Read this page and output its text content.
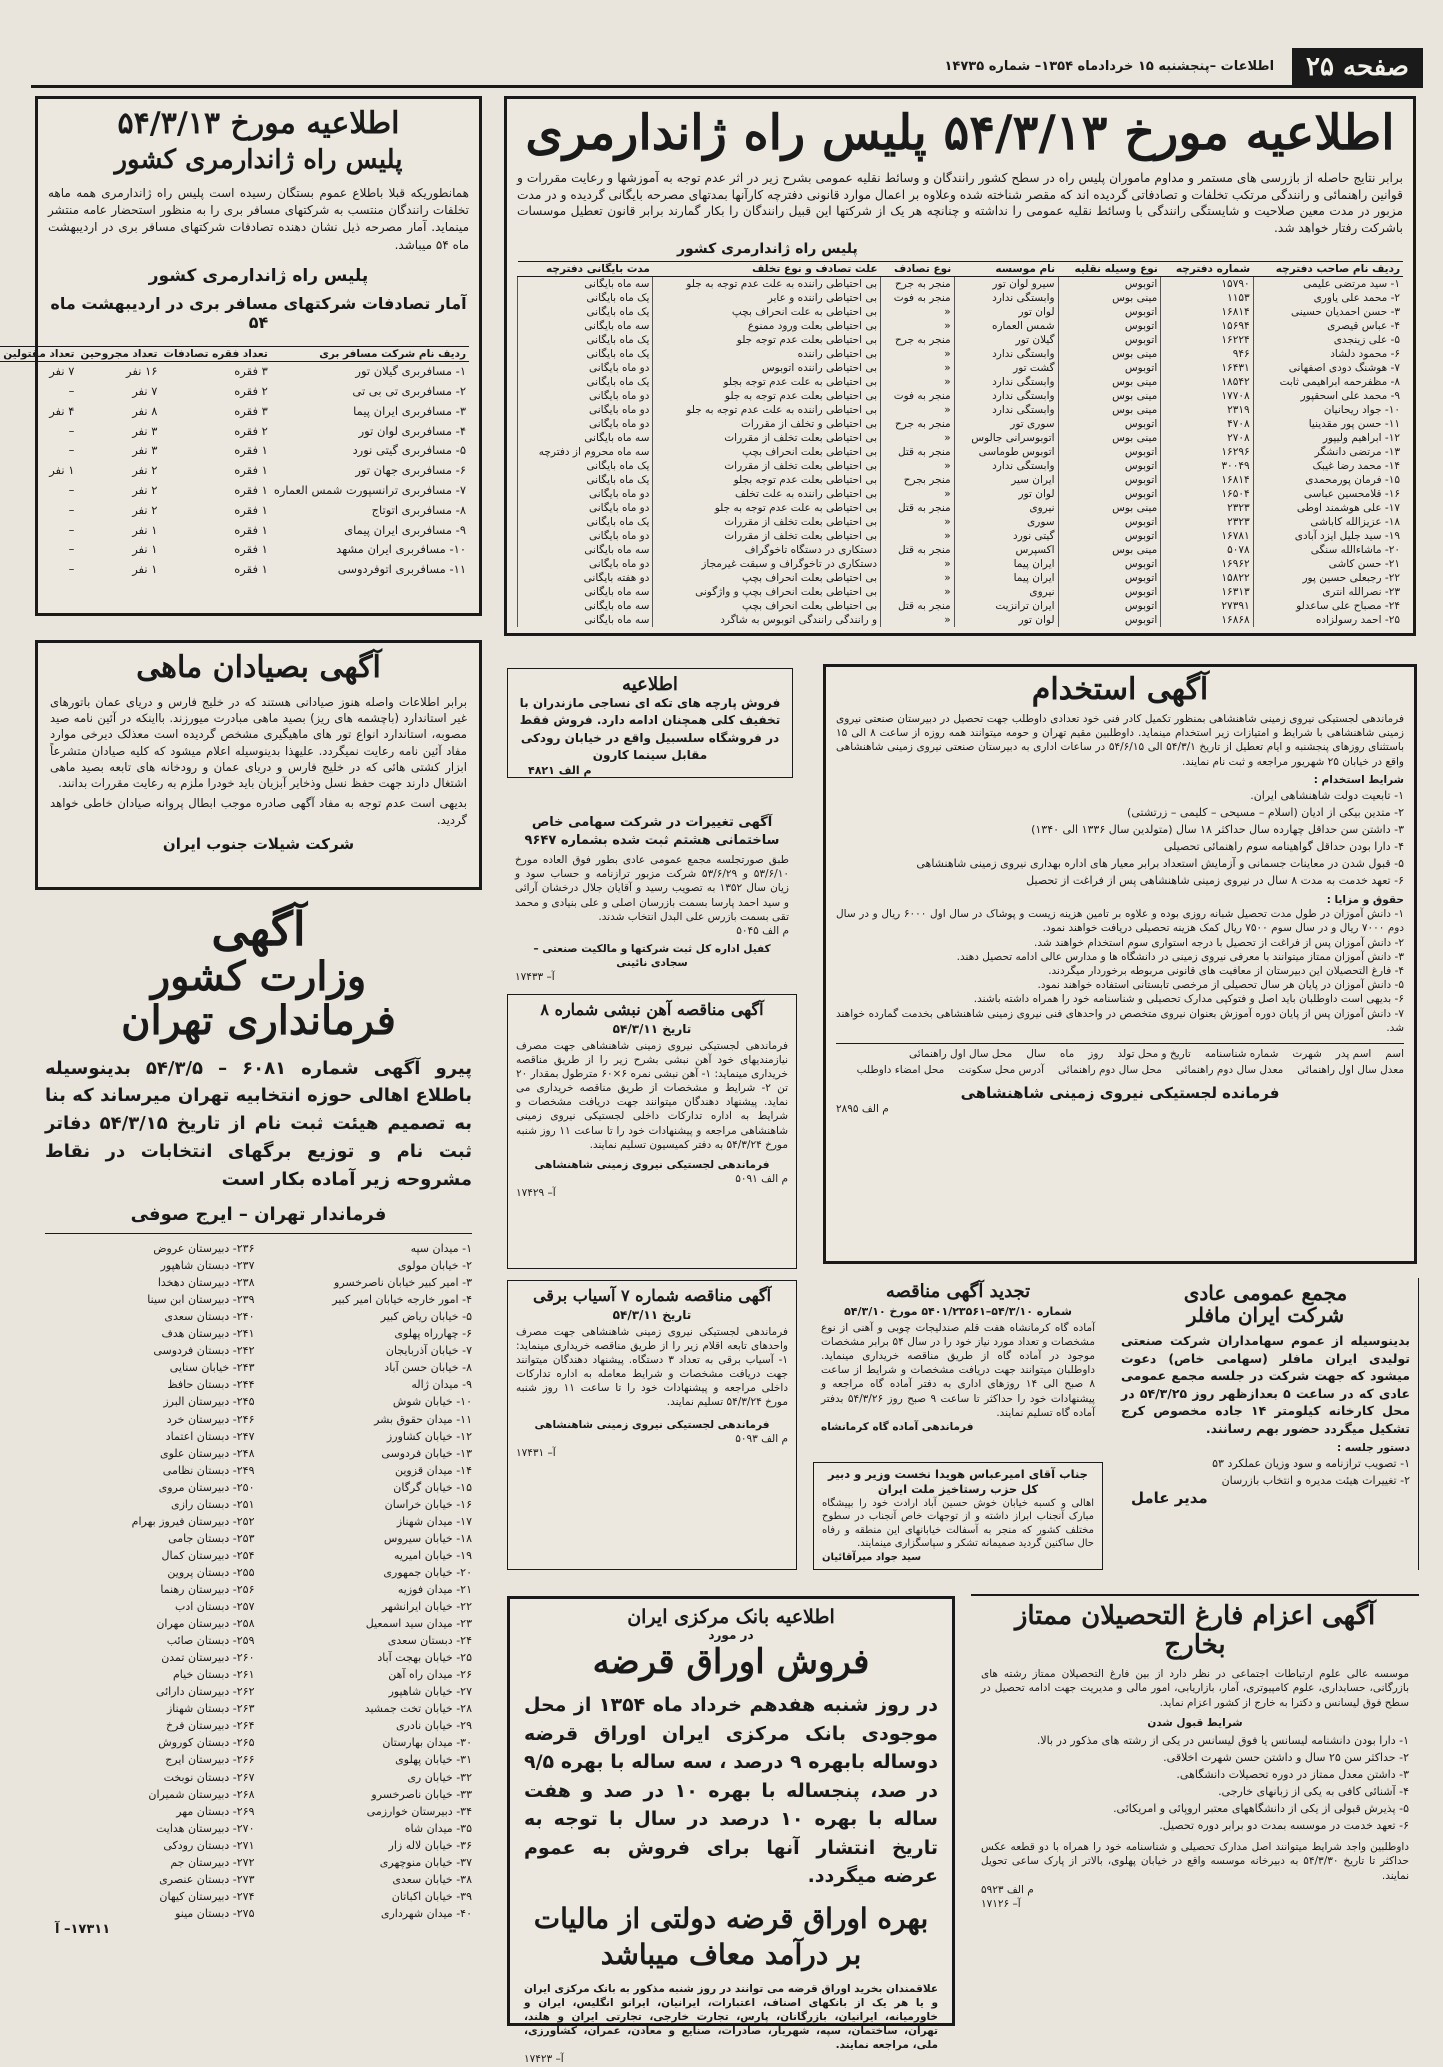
صفحه ۲۵
اطلاعات –پنجشنبه ۱۵ خردادماه ۱۳۵۴– شماره ۱۴۷۳۵
اطلاعیه مورخ ۵۴/۳/۱۳ پلیس راه ژاندارمری
برابر نتایج حاصله از بازرسی های مستمر و مداوم ماموران پلیس راه در سطح کشور رانندگان و وسائط نقلیه عمومی بشرح زیر در اثر عدم توجه به آموزشها و رعایت مقررات و قوانین راهنمائی و رانندگی مرتکب تخلفات و تصادفاتی گردیده اند که مقصر شناخته شده وعلاوه بر اعمال موارد قانونی دفترچه کارآنها بمدتهای مصرحه بایگانی گردیده و در مدت مزبور در مدت معین صلاحیت و شایستگی رانندگی با وسائط نقلیه عمومی را نداشته و چنانچه هر یک از شرکتها این قبیل رانندگان را بکار گمارند برابر قانون تعطیل موسسات باشرکت رفتار خواهد شد.
پلیس راه ژاندارمری کشور
ردیف نام صاحب دفترچه	شماره دفترچه	نوع وسیله نقلیه	نام موسسه	نوع تصادف	علت تصادف و نوع تخلف	مدت بایگانی دفترچه
۱- سید مرتضی علیمی	۱۵۷۹۰	اتوبوس	سیرو لوان تور	منجر به جرح	بی احتیاطی راننده به علت عدم توجه به جلو	سه ماه بایگانی
۲- محمد علی یاوری	۱۱۵۳	مینی بوس	وابستگی ندارد	منجر به فوت	بی احتیاطی راننده و عابر	یک ماه بایگانی
۳- حسن احمدیان حسینی	۱۶۸۱۴	اتوبوس	لوان تور	«	بی احتیاطی به علت انحراف بچپ	یک ماه بایگانی
۴- عباس قیصری	۱۵۶۹۴	اتوبوس	شمس العماره	«	بی احتیاطی بعلت ورود ممنوع	سه ماه بایگانی
۵- علی زینجدی	۱۶۲۲۴	اتوبوس	گیلان تور	منجر به جرح	بی احتیاطی بعلت عدم توجه جلو	یک ماه بایگانی
۶- محمود دلشاد	۹۴۶	مینی بوس	وابستگی ندارد	«	بی احتیاطی راننده	یک ماه بایگانی
۷- هوشنگ دودی اصفهانی	۱۶۴۳۱	اتوبوس	گشت تور	«	بی احتیاطی راننده اتوبوس	دو ماه بایگانی
۸- مظفرحمه ابراهیمی ثابت	۱۸۵۴۲	مینی بوس	وابستگی ندارد	«	بی احتیاطی به علت عدم توجه بجلو	یک ماه بایگانی
۹- محمد علی اسحقپور	۱۷۷۰۸	مینی بوس	وابستگی ندارد	منجر به فوت	بی احتیاطی بعلت عدم توجه به جلو	دو ماه بایگانی
۱۰- جواد ریحانیان	۲۳۱۹	مینی بوس	وابستگی ندارد	«	بی احتیاطی راننده به علت عدم توجه به جلو	دو ماه بایگانی
۱۱- حسن پور مقدینیا	۴۷۰۸	اتوبوس	سوری تور	منجر به جرح	بی احتیاطی و تخلف از مقررات	دو ماه بایگانی
۱۲- ابراهیم ولیپور	۲۷۰۸	مینی بوس	اتوبوسرانی جالوس	«	بی احتیاطی بعلت تخلف از مقررات	سه ماه بایگانی
۱۳- مرتضی دانشگر	۱۶۲۹۶	اتوبوس	اتوبوس طوماسی	منجر به قتل	بی احتیاطی بعلت انحراف بچپ	سه ماه محروم از دفترچه
۱۴- محمد رضا غیبک	۳۰۰۴۹	اتوبوس	وابستگی ندارد	«	بی احتیاطی بعلت تخلف از مقررات	یک ماه بایگانی
۱۵- فرمان پورمحمدی	۱۶۸۱۴	اتوبوس	ایران سیر	منجر بجرح	بی احتیاطی بعلت عدم توجه بجلو	یک ماه بایگانی
۱۶- قلامحسین عباسی	۱۶۵۰۴	اتوبوس	لوان تور	«	بی احتیاطی راننده به علت تخلف	دو ماه بایگانی
۱۷- علی هوشمند اوطی	۲۳۲۳	مینی بوس	نیروی	منجر به قتل	بی احتیاطی به علت عدم توجه به جلو	دو ماه بایگانی
۱۸- عزیزالله کاباشی	۲۳۲۳	اتوبوس	سوری	«	بی احتیاطی بعلت تخلف از مقررات	یک ماه بایگانی
۱۹- سید جلیل ایزد آبادی	۱۶۷۸۱	اتوبوس	گیتی نورد	«	بی احتیاطی بعلت تخلف از مقررات	دو ماه بایگانی
۲۰- ماشاءالله سنگی	۵۰۷۸	مینی بوس	اکسپرس	منجر به قتل	دستکاری در دستگاه تاخوگراف	سه ماه بایگانی
۲۱- حسن کاشی	۱۶۹۶۲	اتوبوس	ایران پیما	«	دستکاری در تاخوگراف و سبقت غیرمجاز	دو ماه بایگانی
۲۲- رجبعلی حسین پور	۱۵۸۲۲	اتوبوس	ایران پیما	«	بی احتیاطی بعلت انحراف بچپ	دو هفته بایگانی
۲۳- نصرالله انتری	۱۶۳۱۳	اتوبوس	نیروی	«	بی احتیاطی بعلت انحراف بچپ و واژگونی	سه ماه بایگانی
۲۴- مصباح علی ساعدلو	۲۷۳۹۱	اتوبوس	ایران ترانزیت	منجر به قتل	بی احتیاطی بعلت انحراف بچپ	سه ماه بایگانی
۲۵- احمد رسولزاده	۱۶۸۶۸	اتوبوس	لوان تور	«	و رانندگی رانندگی اتوبوس به شاگرد	سه ماه بایگانی
اطلاعیه مورخ ۵۴/۳/۱۳
پلیس راه ژاندارمری کشور
همانطوریکه قبلا باطلاع عموم بستگان رسیده است پلیس راه ژاندارمری همه ماهه تخلفات رانندگان منتسب به شرکتهای مسافر بری را به منظور استحضار عامه منتشر مینماید. آمار مصرحه ذیل نشان دهنده تصادفات شرکتهای مسافر بری در اردیبهشت ماه ۵۴ میباشد.
پلیس راه ژاندارمری کشور
آمار تصادفات شرکتهای مسافر بری در اردیبهشت ماه ۵۴
ردیف نام شرکت مسافر بری	تعداد فقره تصادفات	تعداد مجروحین	تعداد مقتولین
۱- مسافربری گیلان تور	۳ فقره	۱۶ نفر	۷ نفر
۲- مسافربری تی بی تی	۲ فقره	۷ نفر	–
۳- مسافربری ایران پیما	۳ فقره	۸ نفر	۴ نفر
۴- مسافربری لوان تور	۲ فقره	۳ نفر	–
۵- مسافربری گیتی نورد	۱ فقره	۳ نفر	–
۶- مسافربری جهان تور	۱ فقره	۲ نفر	۱ نفر
۷- مسافربری ترانسپورت شمس العماره	۱ فقره	۲ نفر	–
۸- مسافربری اتوتاج	۱ فقره	۲ نفر	–
۹- مسافربری ایران پیمای	۱ فقره	۱ نفر	–
۱۰- مسافربری ایران مشهد	۱ فقره	۱ نفر	–
۱۱- مسافربری اتوفردوسی	۱ فقره	۱ نفر	–
آگهی بصیادان ماهی
برابر اطلاعات واصله هنوز صیادانی هستند که در خلیج فارس و دریای عمان باتورهای غیر استاندارد (باچشمه های ریز) بصید ماهی مبادرت میورزند. بااینکه در آئین نامه صید مصوبه، استاندارد انواع تور های ماهیگیری مشخص گردیده است معذلک دیرخی موارد مفاد آئین نامه رعایت نمیگردد. علیهذا بدینوسیله اعلام میشود که کلیه صیادان متشرعاً ابزار کشتی هائی که در خلیج فارس و دریای عمان و رودخانه های تابعه بصید ماهی اشتغال دارند جهت حفظ نسل وذخایر آبزیان باید خودرا ملزم به رعایت مقررات بدانند.
بدیهی است عدم توجه به مفاد آگهی صادره موجب ابطال پروانه صیادان خاطی خواهد گردید.
شرکت شیلات جنوب ایران
آگهی
وزارت کشور
فرمانداری تهران
پیرو آگهی شماره ۶۰۸۱ – ۵۴/۳/۵ بدینوسیله باطلاع اهالی حوزه انتخابیه تهران میرساند که بنا به تصمیم هیئت ثبت نام از تاریخ ۵۴/۳/۱۵ دفاتر ثبت نام و توزیع برگهای انتخابات در نقاط مشروحه زیر آماده بکار است
فرماندار تهران – ایرج صوفی
۱- میدان سپه
۲- خیابان مولوی
۳- امیر کبیر خیابان ناصرخسرو
۴- امور خارجه خیابان امیر کبیر
۵- خیابان ریاض کبیر
۶- چهارراه پهلوی
۷- خیابان آذربایجان
۸- خیابان حسن آباد
۹- میدان ژاله
۱۰- خیابان شوش
۱۱- میدان حقوق بشر
۱۲- خیابان کشاورز
۱۳- خیابان فردوسی
۱۴- میدان قزوین
۱۵- خیابان گرگان
۱۶- خیابان خراسان
۱۷- میدان شهناز
۱۸- خیابان سیروس
۱۹- خیابان امیریه
۲۰- خیابان جمهوری
۲۱- میدان فوزیه
۲۲- خیابان ایرانشهر
۲۳- میدان سید اسمعیل
۲۴- دبستان سعدی
۲۵- خیابان بهجت آباد
۲۶- میدان راه آهن
۲۷- خیابان شاهپور
۲۸- خیابان تخت جمشید
۲۹- خیابان نادری
۳۰- میدان بهارستان
۳۱- خیابان پهلوی
۳۲- خیابان ری
۳۳- خیابان ناصرخسرو
۳۴- دبیرستان خوارزمی
۳۵- میدان شاه
۳۶- خیابان لاله زار
۳۷- خیابان منوچهری
۳۸- خیابان سعدی
۳۹- خیابان اکباتان
۴۰- میدان شهرداری
۲۳۶- دبیرستان عروض
۲۳۷- دبستان شاهپور
۲۳۸- دبیرستان دهخدا
۲۳۹- دبیرستان ابن سینا
۲۴۰- دبستان سعدی
۲۴۱- دبیرستان هدف
۲۴۲- دبستان فردوسی
۲۴۳- خیابان سنایی
۲۴۴- دبستان حافظ
۲۴۵- دبیرستان البرز
۲۴۶- دبیرستان خرد
۲۴۷- دبستان اعتماد
۲۴۸- دبیرستان علوی
۲۴۹- دبستان نظامی
۲۵۰- دبیرستان مروی
۲۵۱- دبستان رازی
۲۵۲- دبیرستان فیروز بهرام
۲۵۳- دبستان جامی
۲۵۴- دبیرستان کمال
۲۵۵- دبستان پروین
۲۵۶- دبیرستان رهنما
۲۵۷- دبستان ادب
۲۵۸- دبیرستان مهران
۲۵۹- دبستان صائب
۲۶۰- دبیرستان تمدن
۲۶۱- دبستان خیام
۲۶۲- دبیرستان دارائی
۲۶۳- دبستان شهناز
۲۶۴- دبیرستان فرخ
۲۶۵- دبستان کوروش
۲۶۶- دبیرستان ایرج
۲۶۷- دبستان نوبخت
۲۶۸- دبیرستان شمیران
۲۶۹- دبستان مهر
۲۷۰- دبیرستان هدایت
۲۷۱- دبستان رودکی
۲۷۲- دبیرستان جم
۲۷۳- دبستان عنصری
۲۷۴- دبیرستان کیهان
۲۷۵- دبستان مینو
۱۷۳۱۱– آ
اطلاعیه
فروش پارچه های تکه ای نساجی مازندران با تخفیف کلی همچنان ادامه دارد. فروش فقط در فروشگاه سلسبیل واقع در خیابان رودکی مقابل سینما کارون
م الف ۴۸۲۱
آگهی تغییرات در شرکت سهامی خاص ساختمانی هشتم ثبت شده بشماره ۹۶۴۷
طبق صورتجلسه مجمع عمومی عادی بطور فوق العاده مورخ ۵۳/۶/۱۰ و ۵۳/۶/۲۹ شرکت مزبور ترازنامه و حساب سود و زیان سال ۱۳۵۲ به تصویب رسید و آقایان جلال درخشان آرائی و سید احمد پارسا بسمت بازرسان اصلی و علی بنیادی و محمد تقی بسمت بازرس علی البدل انتخاب شدند.
م الف ۵۰۴۵
کفیل اداره کل ثبت شرکتها و مالکیت صنعتی – سجادی نائینی
آ– ۱۷۴۳۳
آگهی مناقصه آهن نبشی شماره ۸
تاریخ ۵۴/۳/۱۱
فرماندهی لجستیکی نیروی زمینی شاهنشاهی جهت مصرف نیازمندیهای خود آهن نبشی بشرح زیر را از طریق مناقصه خریداری مینماید: ۱- آهن نبشی نمره ۶×۶۰ مترطول بمقدار ۲۰ تن ۲- شرایط و مشخصات از طریق مناقصه خریداری می نماید. پیشنهاد دهندگان میتوانند جهت دریافت مشخصات و شرایط به اداره تدارکات داخلی لجستیکی نیروی زمینی شاهنشاهی مراجعه و پیشنهادات خود را تا ساعت ۱۱ روز شنبه مورخ ۵۴/۳/۲۴ به دفتر کمیسیون تسلیم نمایند.
فرماندهی لجستیکی نیروی زمینی شاهنشاهی
م الف ۵۰۹۱
آ– ۱۷۴۲۹
آگهی مناقصه شماره ۷ آسیاب برقی
تاریخ ۵۴/۳/۱۱
فرماندهی لجستیکی نیروی زمینی شاهنشاهی جهت مصرف واحدهای تابعه اقلام زیر را از طریق مناقصه خریداری مینماید: ۱- آسیاب برقی به تعداد ۳ دستگاه. پیشنهاد دهندگان میتوانند جهت دریافت مشخصات و شرایط معامله به اداره تدارکات داخلی مراجعه و پیشنهادات خود را تا ساعت ۱۱ روز شنبه مورخ ۵۴/۳/۲۴ تسلیم نمایند.
فرماندهی لجستیکی نیروی زمینی شاهنشاهی
م الف ۵۰۹۳
آ– ۱۷۴۳۱
آگهی استخدام
فرماندهی لجستیکی نیروی زمینی شاهنشاهی بمنظور تکمیل کادر فنی خود تعدادی داوطلب جهت تحصیل در دبیرستان صنعتی نیروی زمینی شاهنشاهی با شرایط و امتیازات زیر استخدام مینماید. داوطلبین مقیم تهران و حومه میتوانند همه روزه از ساعت ۸ الی ۱۵ باستثنای روزهای پنجشنبه و ایام تعطیل از تاریخ ۵۴/۳/۱ الی ۵۴/۶/۱۵ در ساعات اداری به دبیرستان صنعتی نیروی زمینی شاهنشاهی واقع در خیابان ۲۵ شهریور مراجعه و ثبت نام نمایند.
شرایط استخدام :
۱- تابعیت دولت شاهنشاهی ایران.
۲- متدین بیکی از ادیان (اسلام – مسیحی – کلیمی – زرتشتی)
۳- داشتن سن حداقل چهارده سال حداکثر ۱۸ سال (متولدین سال ۱۳۳۶ الی ۱۳۴۰)
۴- دارا بودن حداقل گواهینامه سوم راهنمائی تحصیلی
۵- قبول شدن در معاینات جسمانی و آزمایش استعداد برابر معیار های اداره بهداری نیروی زمینی شاهنشاهی
۶- تعهد خدمت به مدت ۸ سال در نیروی زمینی شاهنشاهی پس از فراغت از تحصیل
حقوق و مزایا :
۱- دانش آموزان در طول مدت تحصیل شبانه روزی بوده و علاوه بر تامین هزینه زیست و پوشاک در سال اول ۶۰۰۰ ریال و در سال دوم ۷۰۰۰ ریال و در سال سوم ۷۵۰۰ ریال کمک هزینه تحصیلی دریافت خواهند نمود.
۲- دانش آموزان پس از فراغت از تحصیل با درجه استواری سوم استخدام خواهند شد.
۳- دانش آموزان ممتاز میتوانند با معرفی نیروی زمینی در دانشگاه ها و مدارس عالی ادامه تحصیل دهند.
۴- فارغ التحصیلان این دبیرستان از معافیت های قانونی مربوطه برخوردار میگردند.
۵- دانش آموزان در پایان هر سال تحصیلی از مرخصی تابستانی استفاده خواهند نمود.
۶- بدیهی است داوطلبان باید اصل و فتوکپی مدارک تحصیلی و شناسنامه خود را همراه داشته باشند.
۷- دانش آموزان پس از پایان دوره آموزش بعنوان نیروی متخصص در واحدهای فنی نیروی زمینی شاهنشاهی بخدمت گمارده خواهند شد.
اسم
اسم پدر
شهرت
شماره شناسنامه
تاریخ و محل تولد
روز
ماه
سال
محل سال اول راهنمائی
معدل سال اول راهنمائی
معدل سال دوم راهنمائی
محل سال دوم راهنمائی
آدرس محل سکونت
محل امضاء داوطلب
فرمانده لجستیکی نیروی زمینی شاهنشاهی
م الف ۲۸۹۵
تجدید آگهی مناقصه
شماره ۵۴/۳/۱۰–۵۴۰۱/۲۳۵۶۱ مورخ ۵۴/۳/۱۰
آماده گاه کرمانشاه هفت قلم صندلیجات چوبی و آهنی از نوع مشخصات و تعداد مورد نیاز خود را در سال ۵۴ برابر مشخصات موجود در آماده گاه از طریق مناقصه خریداری مینماید. داوطلبان میتوانند جهت دریافت مشخصات و شرایط از ساعت ۸ صبح الی ۱۴ روزهای اداری به دفتر آماده گاه مراجعه و پیشنهادات خود را حداکثر تا ساعت ۹ صبح روز ۵۴/۳/۲۶ بدفتر آماده گاه تسلیم نمایند.
فرماندهی آماده گاه کرمانشاه
جناب آقای امیرعباس هویدا نخست وزیر و دبیر کل حزب رستاخیز ملت ایران
اهالی و کسبه خیابان خوش حسین آباد ارادت خود را بپیشگاه مبارک آنجناب ابراز داشته و از توجهات خاص آنجناب در سطوح مختلف کشور که منجر به آسفالت خیابانهای این منطقه و رفاه حال ساکنین گردید صمیمانه تشکر و سپاسگزاری مینمایند.
سید جواد میرآقائیان
مجمع عمومی عادی
شرکت ایران مافلر
بدینوسیله از عموم سهامداران شرکت صنعتی تولیدی ایران مافلر (سهامی خاص) دعوت میشود که جهت شرکت در جلسه مجمع عمومی عادی که در ساعت ۵ بعدازظهر روز ۵۴/۳/۲۵ در محل کارخانه کیلومتر ۱۴ جاده مخصوص کرج تشکیل میگردد حضور بهم رسانند.
دستور جلسه :
۱- تصویب ترازنامه و سود وزیان عملکرد ۵۳
۲- تغییرات هیئت مدیره و انتخاب بازرسان
مدیر عامل
اطلاعیه بانک مرکزی ایران
در مورد
فروش اوراق قرضه
در روز شنبه هفدهم خرداد ماه ۱۳۵۴ از محل موجودی بانک مرکزی ایران اوراق قرضه دوساله بابهره ۹ درصد ، سه ساله با بهره ۹/۵ در صد، پنجساله با بهره ۱۰ در صد و هفت ساله با بهره ۱۰ درصد در سال با توجه به تاریخ انتشار آنها برای فروش به عموم عرضه میگردد.
بهره اوراق قرضه دولتی از مالیات بر درآمد معاف میباشد
علاقمندان بخرید اوراق قرضه می توانند در روز شنبه مذکور به بانک مرکزی ایران و یا هر یک از بانکهای اصناف، اعتبارات، ایرانیان، ایرانو انگلیس، ایران و خاورمیانه، ایرانیان، بازرگانان، پارس، تجارت خارجی، تجارتی ایران و هلند، تهران، ساختمان، سپه، شهریار، صادرات، صنایع و معادن، عمران، کشاورزی، ملی، مراجعه نمایند.
آ– ۱۷۴۲۳
آگهی اعزام فارغ التحصیلان ممتاز بخارج
موسسه عالی علوم ارتباطات اجتماعی در نظر دارد از بین فارغ التحصیلان ممتاز رشته های بازرگانی، حسابداری، علوم کامپیوتری، آمار، بازاریابی، امور مالی و مدیریت جهت ادامه تحصیل در سطح فوق لیسانس و دکترا به خارج از کشور اعزام نماید.
شرایط قبول شدن
۱- دارا بودن دانشنامه لیسانس یا فوق لیسانس در یکی از رشته های مذکور در بالا.
۲- حداکثر سن ۲۵ سال و داشتن حسن شهرت اخلاقی.
۳- داشتن معدل ممتاز در دوره تحصیلات دانشگاهی.
۴- آشنائی کافی به یکی از زبانهای خارجی.
۵- پذیرش قبولی از یکی از دانشگاههای معتبر اروپائی و امریکائی.
۶- تعهد خدمت در موسسه بمدت دو برابر دوره تحصیل.
داوطلبین واجد شرایط میتوانند اصل مدارک تحصیلی و شناسنامه خود را همراه با دو قطعه عکس حداکثر تا تاریخ ۵۴/۳/۳۰ به دبیرخانه موسسه واقع در خیابان پهلوی، بالاتر از پارک ساعی تحویل نمایند.
م الف ۵۹۲۳
آ– ۱۷۱۲۶
